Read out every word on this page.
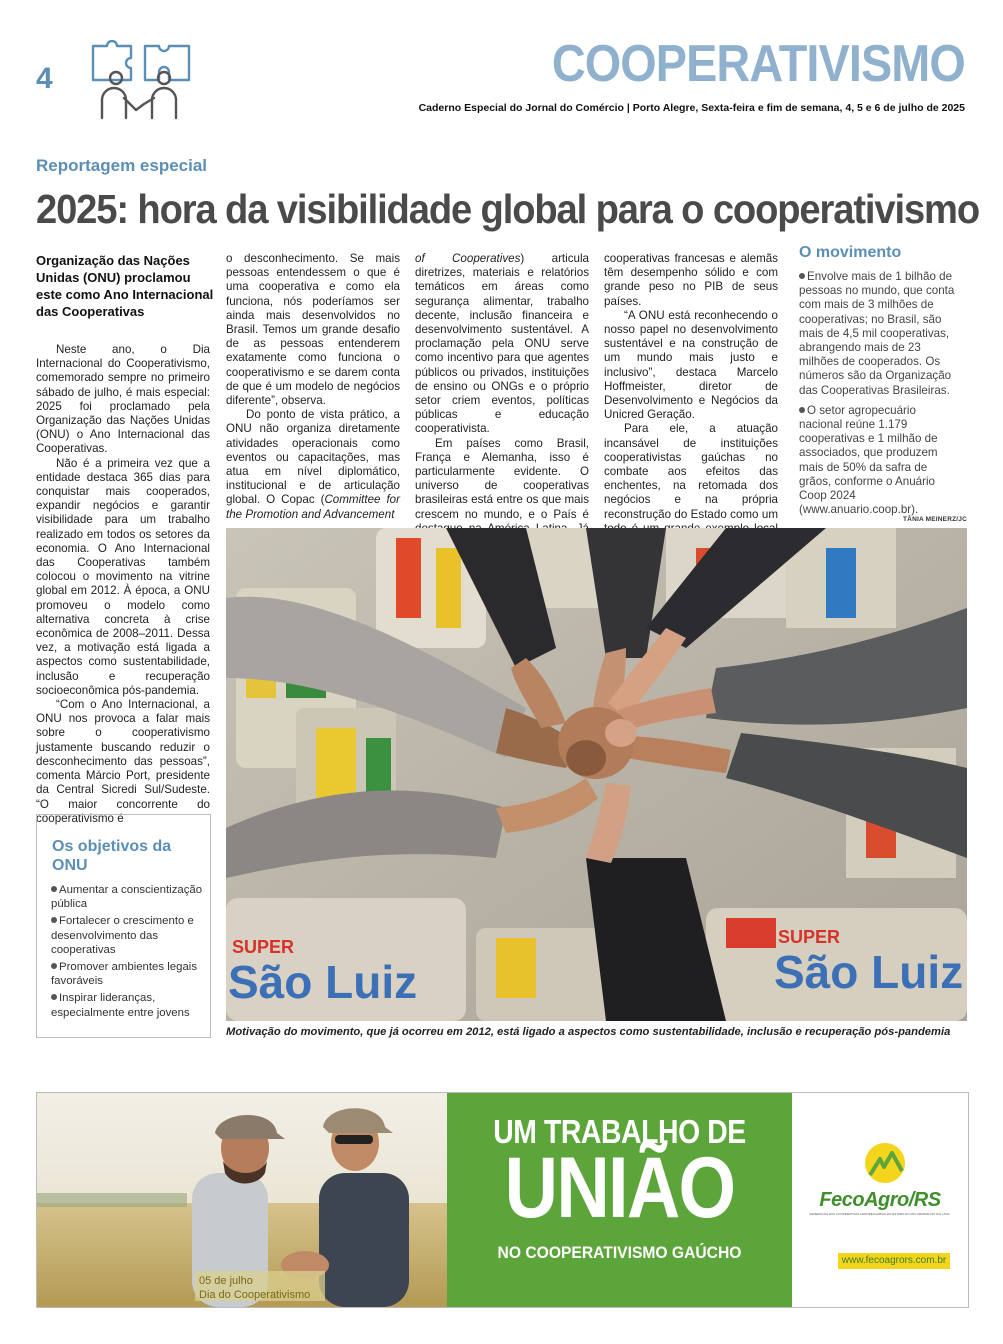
4	COOPERATIVISMO
Caderno Especial do Jornal do Comércio | Porto Alegre, Sexta-feira e fim de semana, 4, 5 e 6 de julho de 2025
Reportagem especial
2025: hora da visibilidade global para o cooperativismo
Organização das Nações Unidas (ONU) proclamou este como Ano Internacional das Cooperativas

Neste ano, o Dia Internacional do Cooperativismo, comemorado sempre no primeiro sábado de julho, é mais especial: 2025 foi proclamado pela Organização das Nações Unidas (ONU) o Ano Internacional das Cooperativas.

Não é a primeira vez que a entidade destaca 365 dias para conquistar mais cooperados, expandir negócios e garantir visibilidade para um trabalho realizado em todos os setores da economia. O Ano Internacional das Cooperativas também colocou o movimento na vitrine global em 2012. À época, a ONU promoveu o modelo como alternativa concreta à crise econômica de 2008–2011. Dessa vez, a motivação está ligada a aspectos como sustentabilidade, inclusão e recuperação socioeconômica pós-pandemia.

“Com o Ano Internacional, a ONU nos provoca a falar mais sobre o cooperativismo justamente buscando reduzir o desconhecimento das pessoas”, comenta Márcio Port, presidente da Central Sicredi Sul/Sudeste. “O maior concorrente do cooperativismo é

o desconhecimento. Se mais pessoas entendessem o que é uma cooperativa e como ela funciona, nós poderíamos ser ainda mais desenvolvidos no Brasil. Temos um grande desafio de as pessoas entenderem exatamente como funciona o cooperativismo e se darem conta de que é um modelo de negócios diferente”, observa.

Do ponto de vista prático, a ONU não organiza diretamente atividades operacionais como eventos ou capacitações, mas atua em nível diplomático, institucional e de articulação global. O Copac (Committee for the Promotion and Advancement

of Cooperatives) articula diretrizes, materiais e relatórios temáticos em áreas como segurança alimentar, trabalho decente, inclusão financeira e desenvolvimento sustentável. A proclamação pela ONU serve como incentivo para que agentes públicos ou privados, instituições de ensino ou ONGs e o próprio setor criem eventos, políticas públicas e educação cooperativista.

Em países como Brasil, França e Alemanha, isso é particularmente evidente. O universo de cooperativas brasileiras está entre os que mais crescem no mundo, e o País é

cooperativas francesas e alemãs têm desempenho sólido e com grande peso no PIB de seus países.

“A ONU está reconhecendo o nosso papel no desenvolvimento sustentável e na construção de um mundo mais justo e inclusivo”, destaca Marcelo Hoffmeister, diretor de Desenvolvimento e Negócios da Unicred Geração.

Para ele, a atuação incansável de instituições cooperativistas gaúchas no combate aos efeitos das enchentes, na retomada dos negócios e na própria reconstrução do Estado como um

O movimento

Envolve mais de 1 bilhão de pessoas no mundo, que conta com mais de 3 milhões de cooperativas; no Brasil, são mais de 4,5 mil cooperativas, abrangendo mais de 23 milhões de cooperados. Os números são da Organização das Cooperativas Brasileiras.

O setor agropecuário nacional reúne 1.179 cooperativas e 1 milhão de associados, que produzem mais de 50% da safra de grãos, conforme o Anuário Coop 2024 (www.anuario.coop.br).

Os objetivos da ONU
Aumentar a conscientização pública
Fortalecer o crescimento e desenvolvimento das cooperativas
Promover ambientes legais favoráveis
Inspirar lideranças, especialmente entre jovens
TÂNIA MEINERZ/JC
SUPER
São Luiz
SUPER
São Luiz
Motivação do movimento, que já ocorreu em 2012, está ligado a aspectos como sustentabilidade, inclusão e recuperação pós-pandemia
05 de julho
Dia do Cooperativismo
UM TRABALHO DE
UNIÃO
NO COOPERATIVISMO GAÚCHO
FecoAgro/RS
FEDERAÇÃO DAS COOPERATIVAS AGROPECUÁRIAS DO ESTADO DO RIO GRANDE DO SUL LTDA.
www.fecoagrors.com.br
